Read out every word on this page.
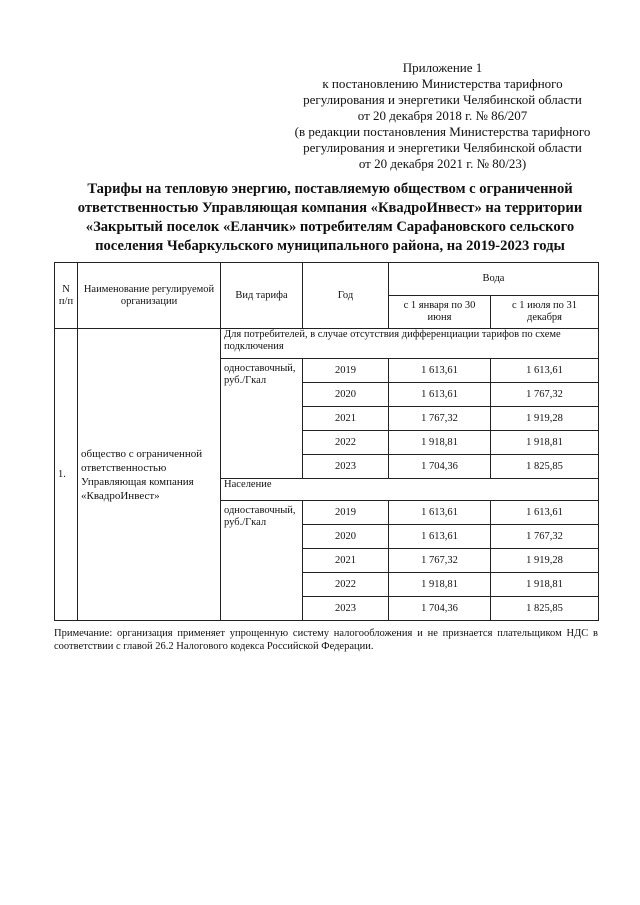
Приложение 1
к постановлению Министерства тарифного
регулирования и энергетики Челябинской области
от 20 декабря 2018 г. № 86/207
(в редакции постановления Министерства тарифного
регулирования и энергетики Челябинской области
от 20 декабря 2021 г. № 80/23)
Тарифы на тепловую энергию, поставляемую обществом с ограниченной
ответственностью Управляющая компания «КвадроИнвест» на территории
«Закрытый поселок «Еланчик» потребителям Сарафановского сельского
поселения Чебаркульского муниципального района, на 2019-2023 годы
N п/п	Наименование регулируемой организации	Вид тарифа	Год	Вода	
				с 1 января по 30 июня	с 1 июля по 31 декабря
1.	общество с ограниченной ответственностью Управляющая компания «КвадроИнвест»	Для потребителей, в случае отсутствия дифференциации тарифов по схеме подключения			
		одноставочный, руб./Гкал	2019	1 613,61	1 613,61
			2020	1 613,61	1 767,32
			2021	1 767,32	1 919,28
			2022	1 918,81	1 918,81
			2023	1 704,36	1 825,85
		Население			
		одноставочный, руб./Гкал	2019	1 613,61	1 613,61
			2020	1 613,61	1 767,32
			2021	1 767,32	1 919,28
			2022	1 918,81	1 918,81
			2023	1 704,36	1 825,85
Примечание: организация применяет упрощенную систему налогообложения и не признается плательщиком НДС в соответствии с главой 26.2 Налогового кодекса Российской Федерации.
